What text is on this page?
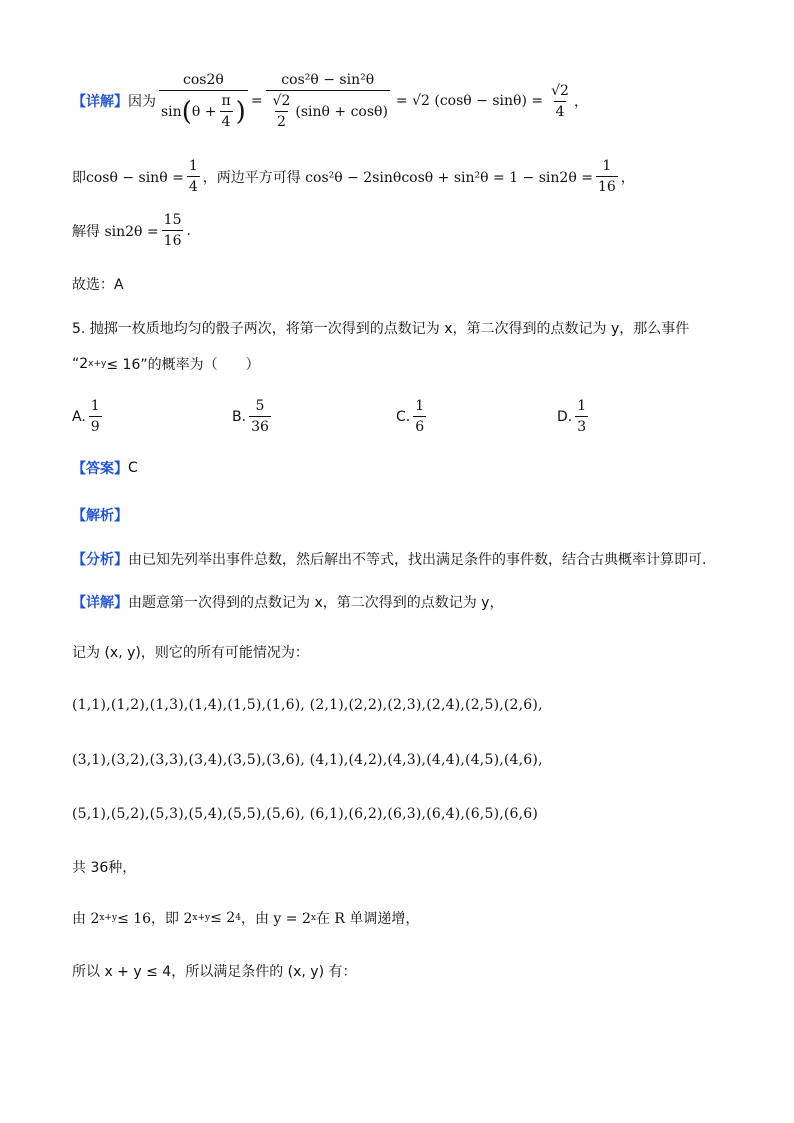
【详解】 因为
cos2θ
sin ( $\theta + \frac{\pi}{4}$ ) = $\frac{\text{cos²θ − sin²θ}}{\frac{√2}{2} (\sin\theta + \cos\theta)} = √2$ $(\cos\theta - \sin\theta) = \frac{√2}{4}$ ，
即$\cos\theta - \sin\theta = \frac{1}{4}$ ，两边平方可得 $\cos^2\theta - 2\sin\theta\cos\theta + \sin^2\theta = 1 - \sin 2\theta = \frac{1}{16}$ ，
解得 $\sin 2\theta = \frac{15}{16}$ .
故选：A
5. 抛掷一枚质地均匀的骰子两次，将第一次得到的点数记为 x，第二次得到的点数记为 y，那么事件
“2 x+y ≤ 16”的概率为（　　）
A. $\frac{1}{9}$	B. $\frac{5}{36}$	C. $\frac{1}{6}$	D. $\frac{1}{3}$
【答案】 C
【解析】
【分析】 由已知先列举出事件总数，然后解出不等式，找出满足条件的事件数，结合古典概率计算即可.
【详解】 由题意第一次得到的点数记为 x，第二次得到的点数记为 y，
记为 (x, y)，则它的所有可能情况为：
(1,1),(1,2),(1,3),(1,4),(1,5),(1,6), (2,1),(2,2),(2,3),(2,4),(2,5),(2,6),
(3,1),(3,2),(3,3),(3,4),(3,5),(3,6), (4,1),(4,2),(4,3),(4,4),(4,5),(4,6),
(5,1),(5,2),(5,3),(5,4),(5,5),(5,6), (6,1),(6,2),(6,3),(6,4),(6,5),(6,6)
共 36种，
由 2 x+y ≤ 16，即 2 x+y ≤ 2 4 ，由 y = 2 x 在 R 单调递增，
所以 x + y ≤ 4，所以满足条件的 (x, y) 有：
